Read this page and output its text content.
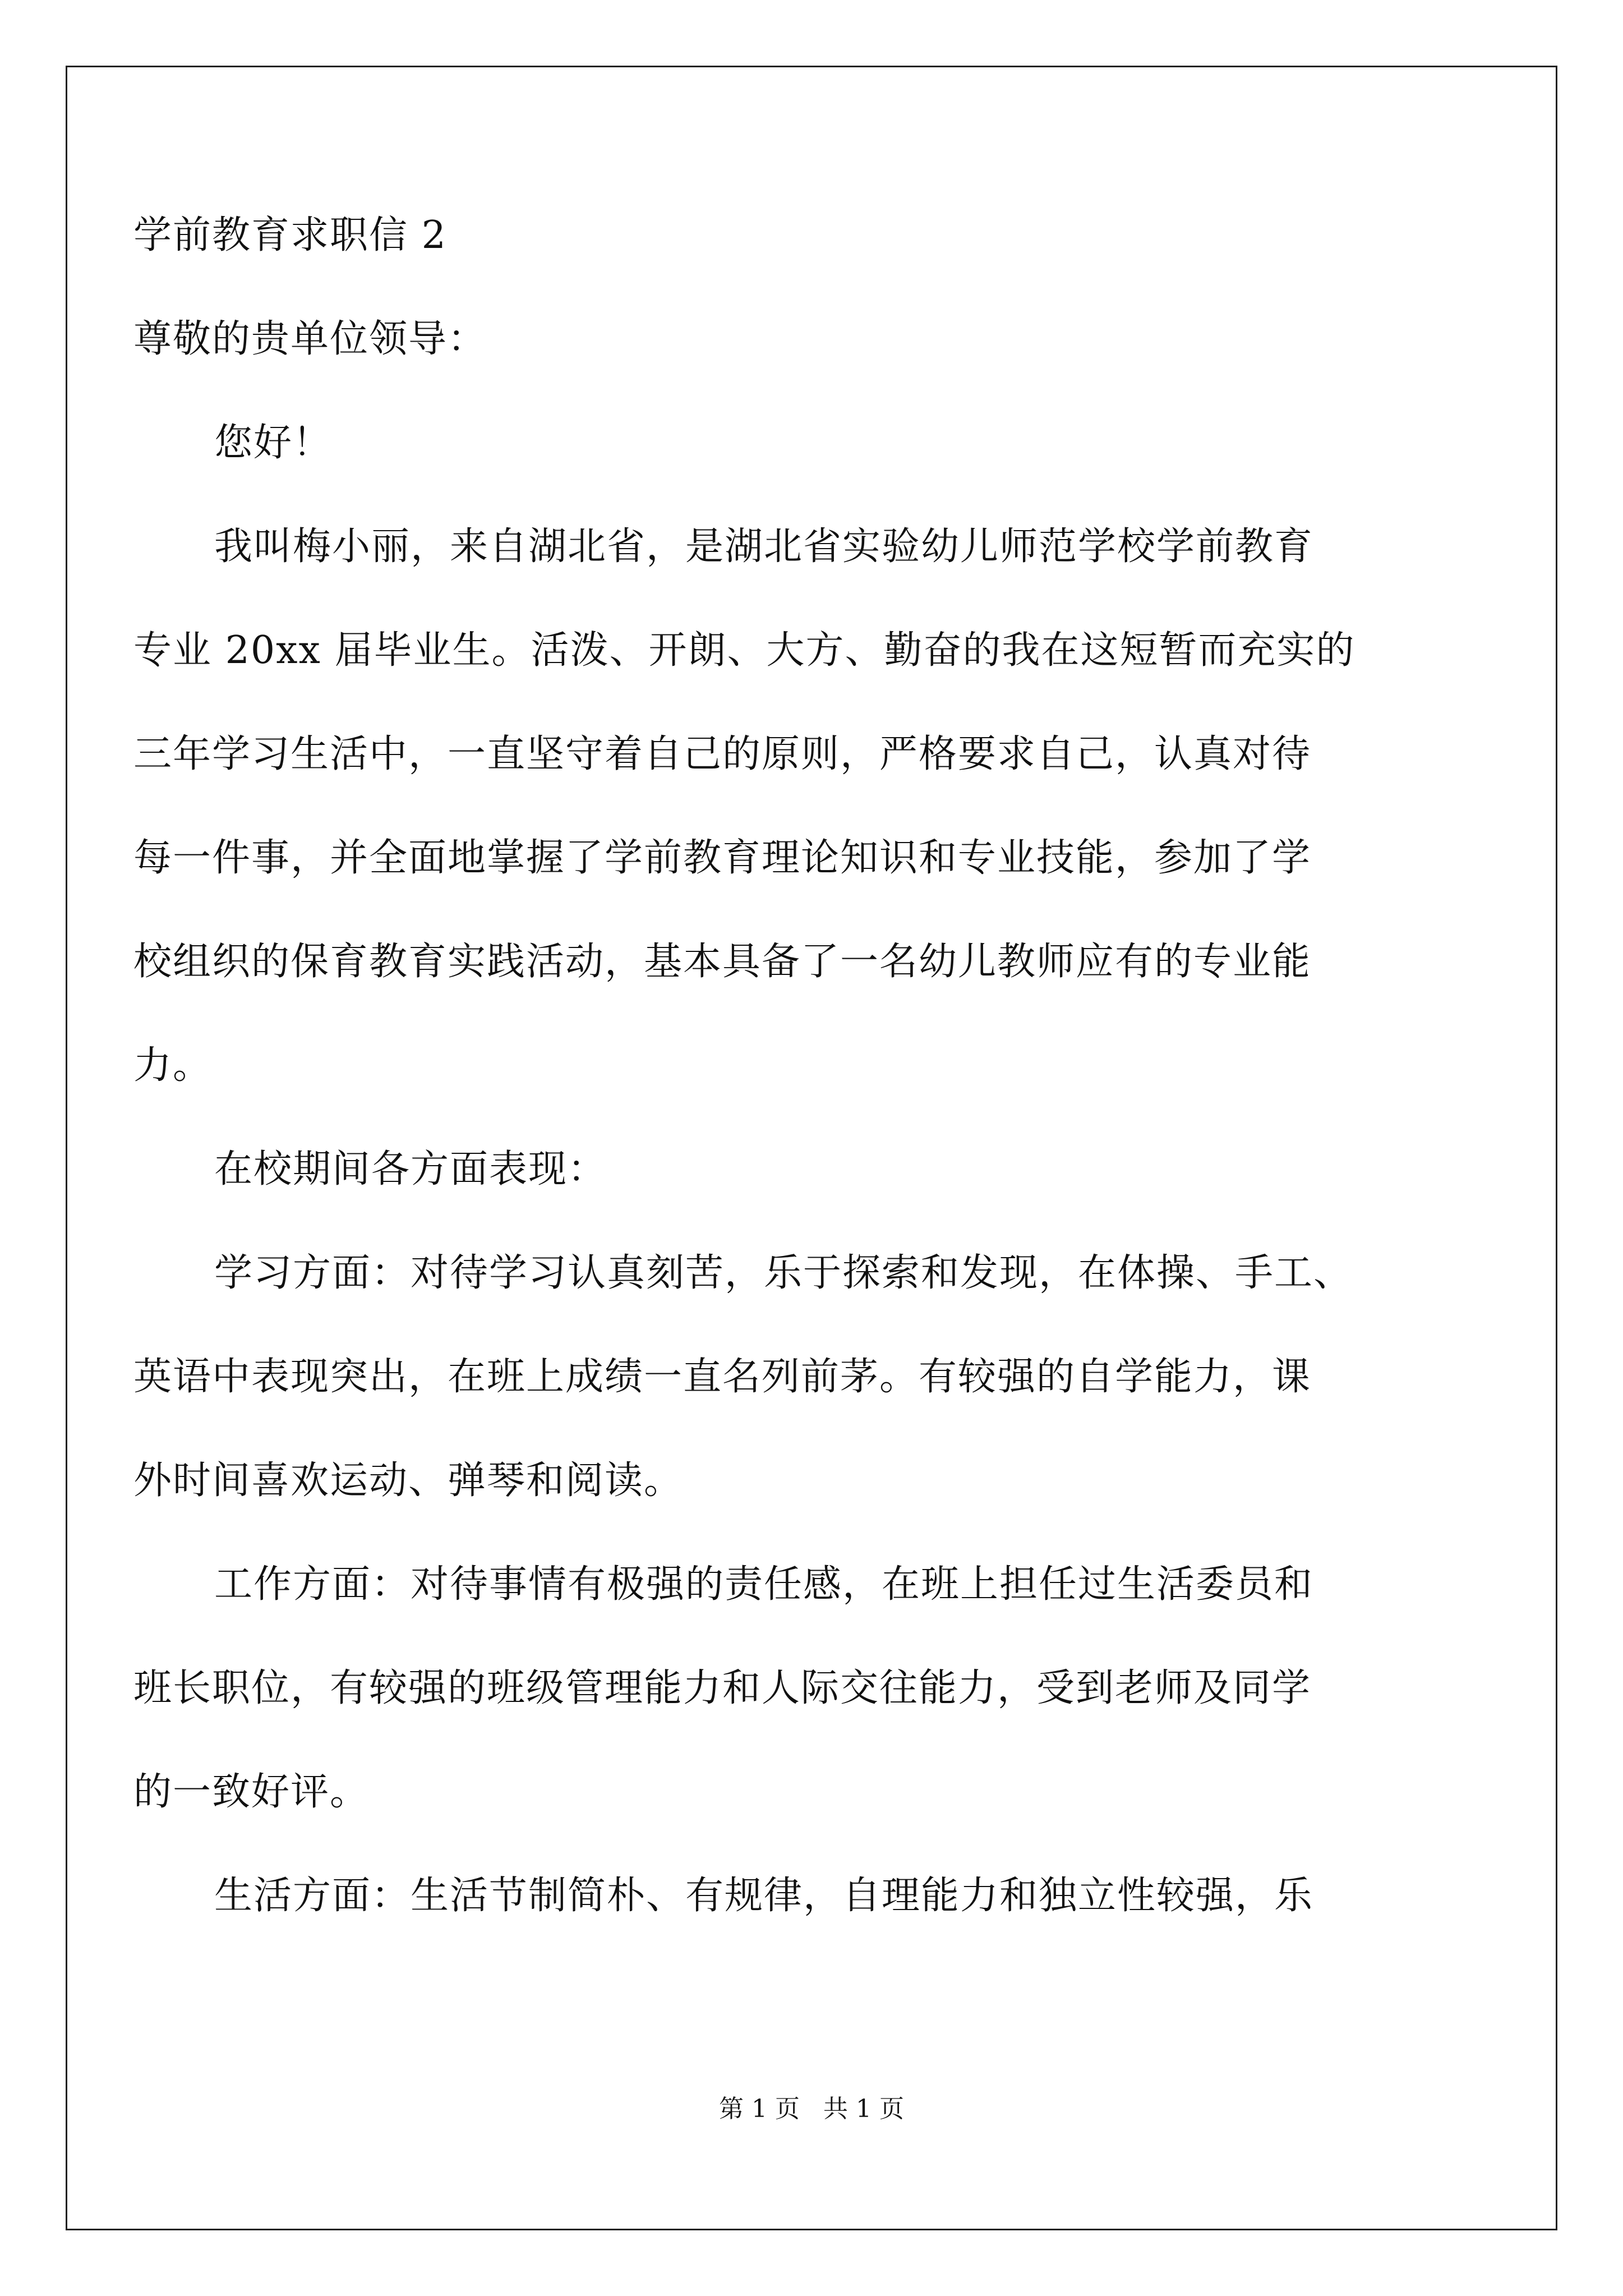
学前教育求职信 2
尊敬的贵单位领导：
您好！
我叫梅小丽，来自湖北省，是湖北省实验幼儿师范学校学前教育
专业 20xx 届毕业生。活泼、开朗、大方、勤奋的我在这短暂而充实的
三年学习生活中，一直坚守着自己的原则，严格要求自己，认真对待
每一件事，并全面地掌握了学前教育理论知识和专业技能，参加了学
校组织的保育教育实践活动，基本具备了一名幼儿教师应有的专业能
力。
在校期间各方面表现：
学习方面：对待学习认真刻苦，乐于探索和发现，在体操、手工、
英语中表现突出，在班上成绩一直名列前茅。有较强的自学能力，课
外时间喜欢运动、弹琴和阅读。
工作方面：对待事情有极强的责任感，在班上担任过生活委员和
班长职位，有较强的班级管理能力和人际交往能力，受到老师及同学
的一致好评。
生活方面：生活节制简朴、有规律，自理能力和独立性较强，乐
第 1 页   共 1 页
